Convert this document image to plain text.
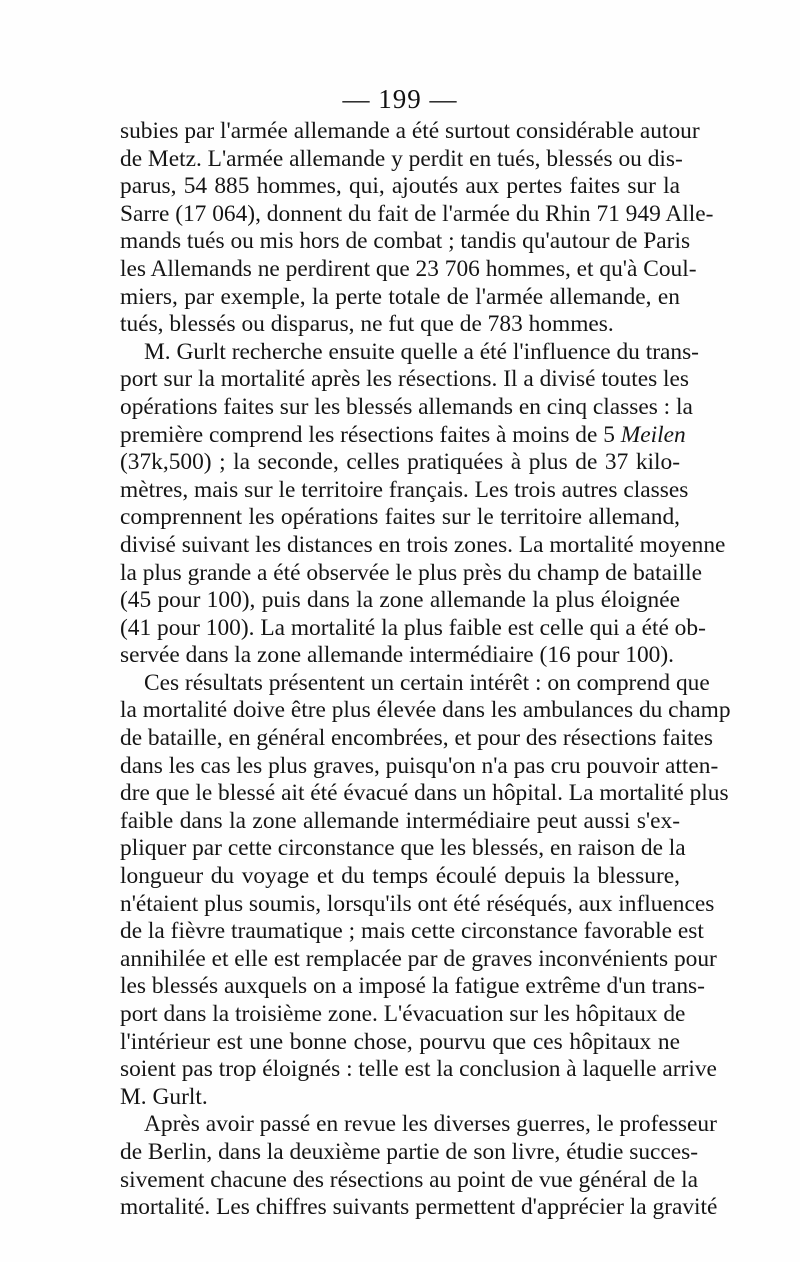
— 199 —

subies par l'armée allemande a été surtout considérable autour
de Metz. L'armée allemande y perdit en tués, blessés ou dis-
parus, 54 885 hommes, qui, ajoutés aux pertes faites sur la
Sarre (17 064), donnent du fait de l'armée du Rhin 71 949 Alle-
mands tués ou mis hors de combat ; tandis qu'autour de Paris
les Allemands ne perdirent que 23 706 hommes, et qu'à Coul-
miers, par exemple, la perte totale de l'armée allemande, en
tués, blessés ou disparus, ne fut que de 783 hommes.

M. Gurlt recherche ensuite quelle a été l'influence du trans-
port sur la mortalité après les résections. Il a divisé toutes les
opérations faites sur les blessés allemands en cinq classes : la
première comprend les résections faites à moins de 5 Meilen
(37k,500) ; la seconde, celles pratiquées à plus de 37 kilo-
mètres, mais sur le territoire français. Les trois autres classes
comprennent les opérations faites sur le territoire allemand,
divisé suivant les distances en trois zones. La mortalité moyenne
la plus grande a été observée le plus près du champ de bataille
(45 pour 100), puis dans la zone allemande la plus éloignée
(41 pour 100). La mortalité la plus faible est celle qui a été ob-
servée dans la zone allemande intermédiaire (16 pour 100).

Ces résultats présentent un certain intérêt : on comprend que
la mortalité doive être plus élevée dans les ambulances du champ
de bataille, en général encombrées, et pour des résections faites
dans les cas les plus graves, puisqu'on n'a pas cru pouvoir atten-
dre que le blessé ait été évacué dans un hôpital. La mortalité plus
faible dans la zone allemande intermédiaire peut aussi s'ex-
pliquer par cette circonstance que les blessés, en raison de la
longueur du voyage et du temps écoulé depuis la blessure,
n'étaient plus soumis, lorsqu'ils ont été réséqués, aux influences
de la fièvre traumatique ; mais cette circonstance favorable est
annihilée et elle est remplacée par de graves inconvénients pour
les blessés auxquels on a imposé la fatigue extrême d'un trans-
port dans la troisième zone. L'évacuation sur les hôpitaux de
l'intérieur est une bonne chose, pourvu que ces hôpitaux ne
soient pas trop éloignés : telle est la conclusion à laquelle arrive
M. Gurlt.

Après avoir passé en revue les diverses guerres, le professeur
de Berlin, dans la deuxième partie de son livre, étudie succes-
sivement chacune des résections au point de vue général de la
mortalité. Les chiffres suivants permettent d'apprécier la gravité
